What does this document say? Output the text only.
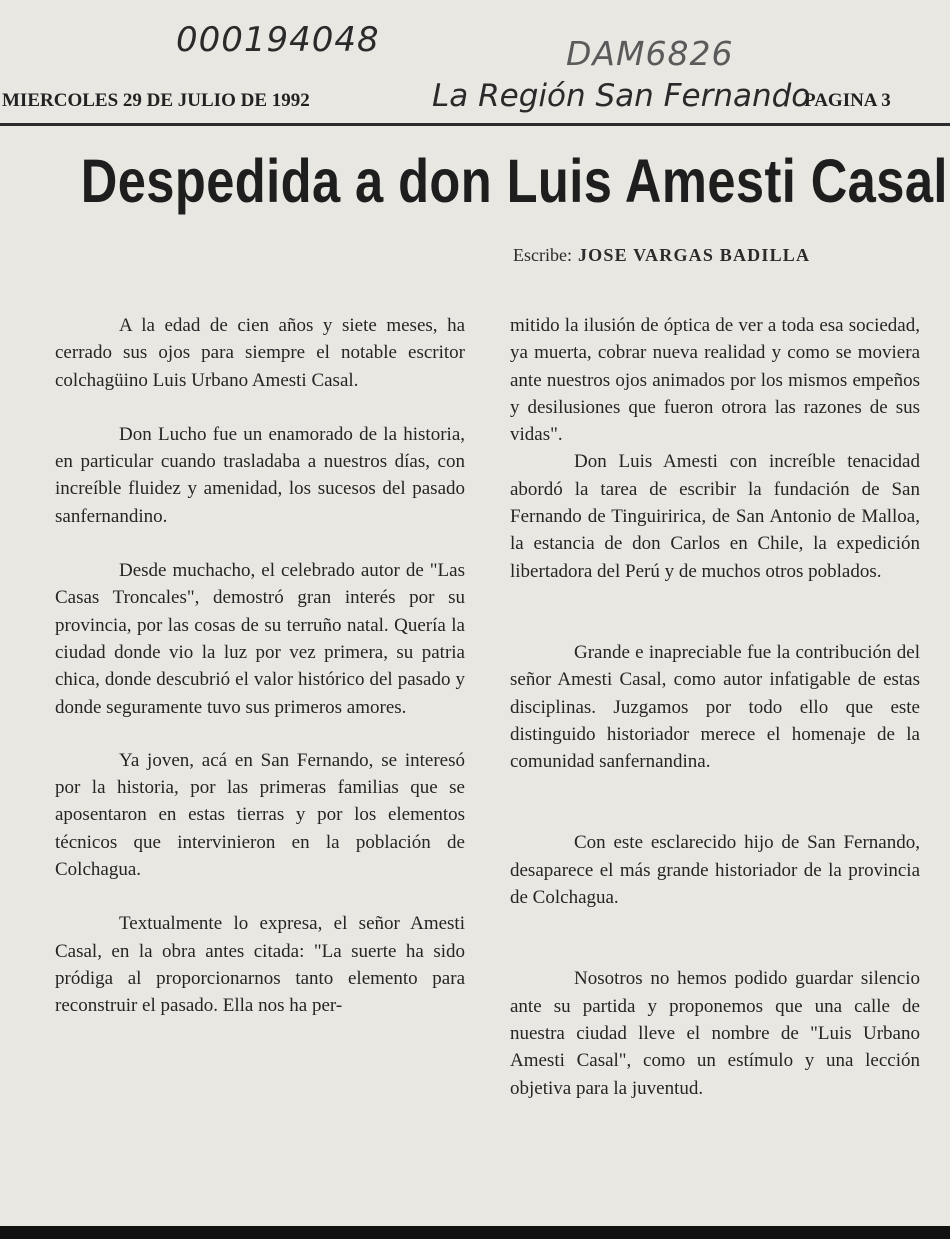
000194048	DAM6826
La Región San Fernando
MIERCOLES 29 DE JULIO DE 1992	PAGINA 3
Despedida a don Luis Amesti Casal
Escribe: JOSE VARGAS BADILLA

A la edad de cien años y siete meses, ha cerrado sus ojos para siempre el notable escritor colchagüino Luis Urbano Amesti Casal.

Don Lucho fue un enamorado de la historia, en particular cuando trasladaba a nuestros días, con increíble fluidez y amenidad, los sucesos del pasado sanfernandino.

Desde muchacho, el celebrado autor de "Las Casas Troncales", demostró gran interés por su provincia, por las cosas de su terruño natal. Quería la ciudad donde vio la luz por vez primera, su patria chica, donde descubrió el valor histórico del pasado y donde seguramente tuvo sus primeros amores.

Ya joven, acá en San Fernando, se interesó por la historia, por las primeras familias que se aposentaron en estas tierras y por los elementos técnicos que intervinieron en la población de Colchagua.

Textualmente lo expresa, el señor Amesti Casal, en la obra antes citada: "La suerte ha sido pródiga al proporcionarnos tanto elemento para reconstruir el pasado. Ella nos ha per-

mitido la ilusión de óptica de ver a toda esa sociedad, ya muerta, cobrar nueva realidad y como se moviera ante nuestros ojos animados por los mismos empeños y desilusiones que fueron otrora las razones de sus vidas".

Don Luis Amesti con increíble tenacidad abordó la tarea de escribir la fundación de San Fernando de Tinguiririca, de San Antonio de Malloa, la estancia de don Carlos en Chile, la expedición libertadora del Perú y de muchos otros poblados.

Grande e inapreciable fue la contribución del señor Amesti Casal, como autor infatigable de estas disciplinas. Juzgamos por todo ello que este distinguido historiador merece el homenaje de la comunidad sanfernandina.

Con este esclarecido hijo de San Fernando, desaparece el más grande historiador de la provincia de Colchagua.

Nosotros no hemos podido guardar silencio ante su partida y proponemos que una calle de nuestra ciudad lleve el nombre de "Luis Urbano Amesti Casal", como un estímulo y una lección objetiva para la juventud.
